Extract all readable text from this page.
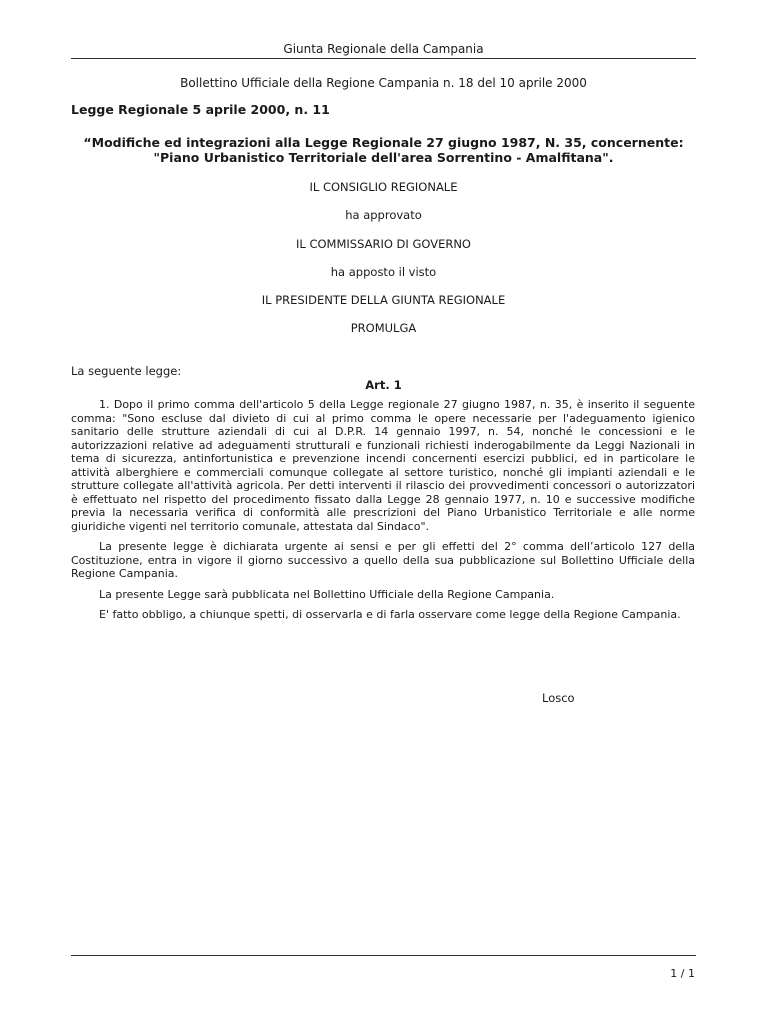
Giunta Regionale della Campania
Bollettino Ufficiale della Regione Campania n. 18 del 10 aprile 2000
Legge Regionale 5 aprile 2000, n. 11
“Modifiche ed integrazioni alla Legge Regionale 27 giugno 1987, N. 35, concernente:
"Piano Urbanistico Territoriale dell'area Sorrentino - Amalfitana".
IL CONSIGLIO REGIONALE
ha approvato
IL COMMISSARIO DI GOVERNO
ha apposto il visto
IL PRESIDENTE DELLA GIUNTA REGIONALE
PROMULGA
La seguente legge:
Art. 1

1. Dopo il primo comma dell'articolo 5 della Legge regionale 27 giugno 1987, n. 35, è inserito il seguente comma: "Sono escluse dal divieto di cui al primo comma le opere necessarie per l'adeguamento igienico sanitario delle strutture aziendali di cui al D.P.R. 14 gennaio 1997, n. 54, nonché le concessioni e le autorizzazioni relative ad adeguamenti strutturali e funzionali richiesti inderogabilmente da Leggi Nazionali in tema di sicurezza, antinfortunistica e prevenzione incendi concernenti esercizi pubblici, ed in particolare le attività alberghiere e commerciali comunque collegate al settore turistico, nonché gli impianti aziendali e le strutture collegate all'attività agricola. Per detti interventi il rilascio dei provvedimenti concessori o autorizzatori è effettuato nel rispetto del procedimento fissato dalla Legge 28 gennaio 1977, n. 10 e successive modifiche previa la necessaria verifica di conformità alle prescrizioni del Piano Urbanistico Territoriale e alle norme giuridiche vigenti nel territorio comunale, attestata dal Sindaco".

La presente legge è dichiarata urgente ai sensi e per gli effetti del 2° comma dell’articolo 127 della Costituzione, entra in vigore il giorno successivo a quello della sua pubblicazione sul Bollettino Ufficiale della Regione Campania.

La presente Legge sarà pubblicata nel Bollettino Ufficiale della Regione Campania.

E' fatto obbligo, a chiunque spetti, di osservarla e di farla osservare come legge della Regione Campania.

Losco
1 / 1
